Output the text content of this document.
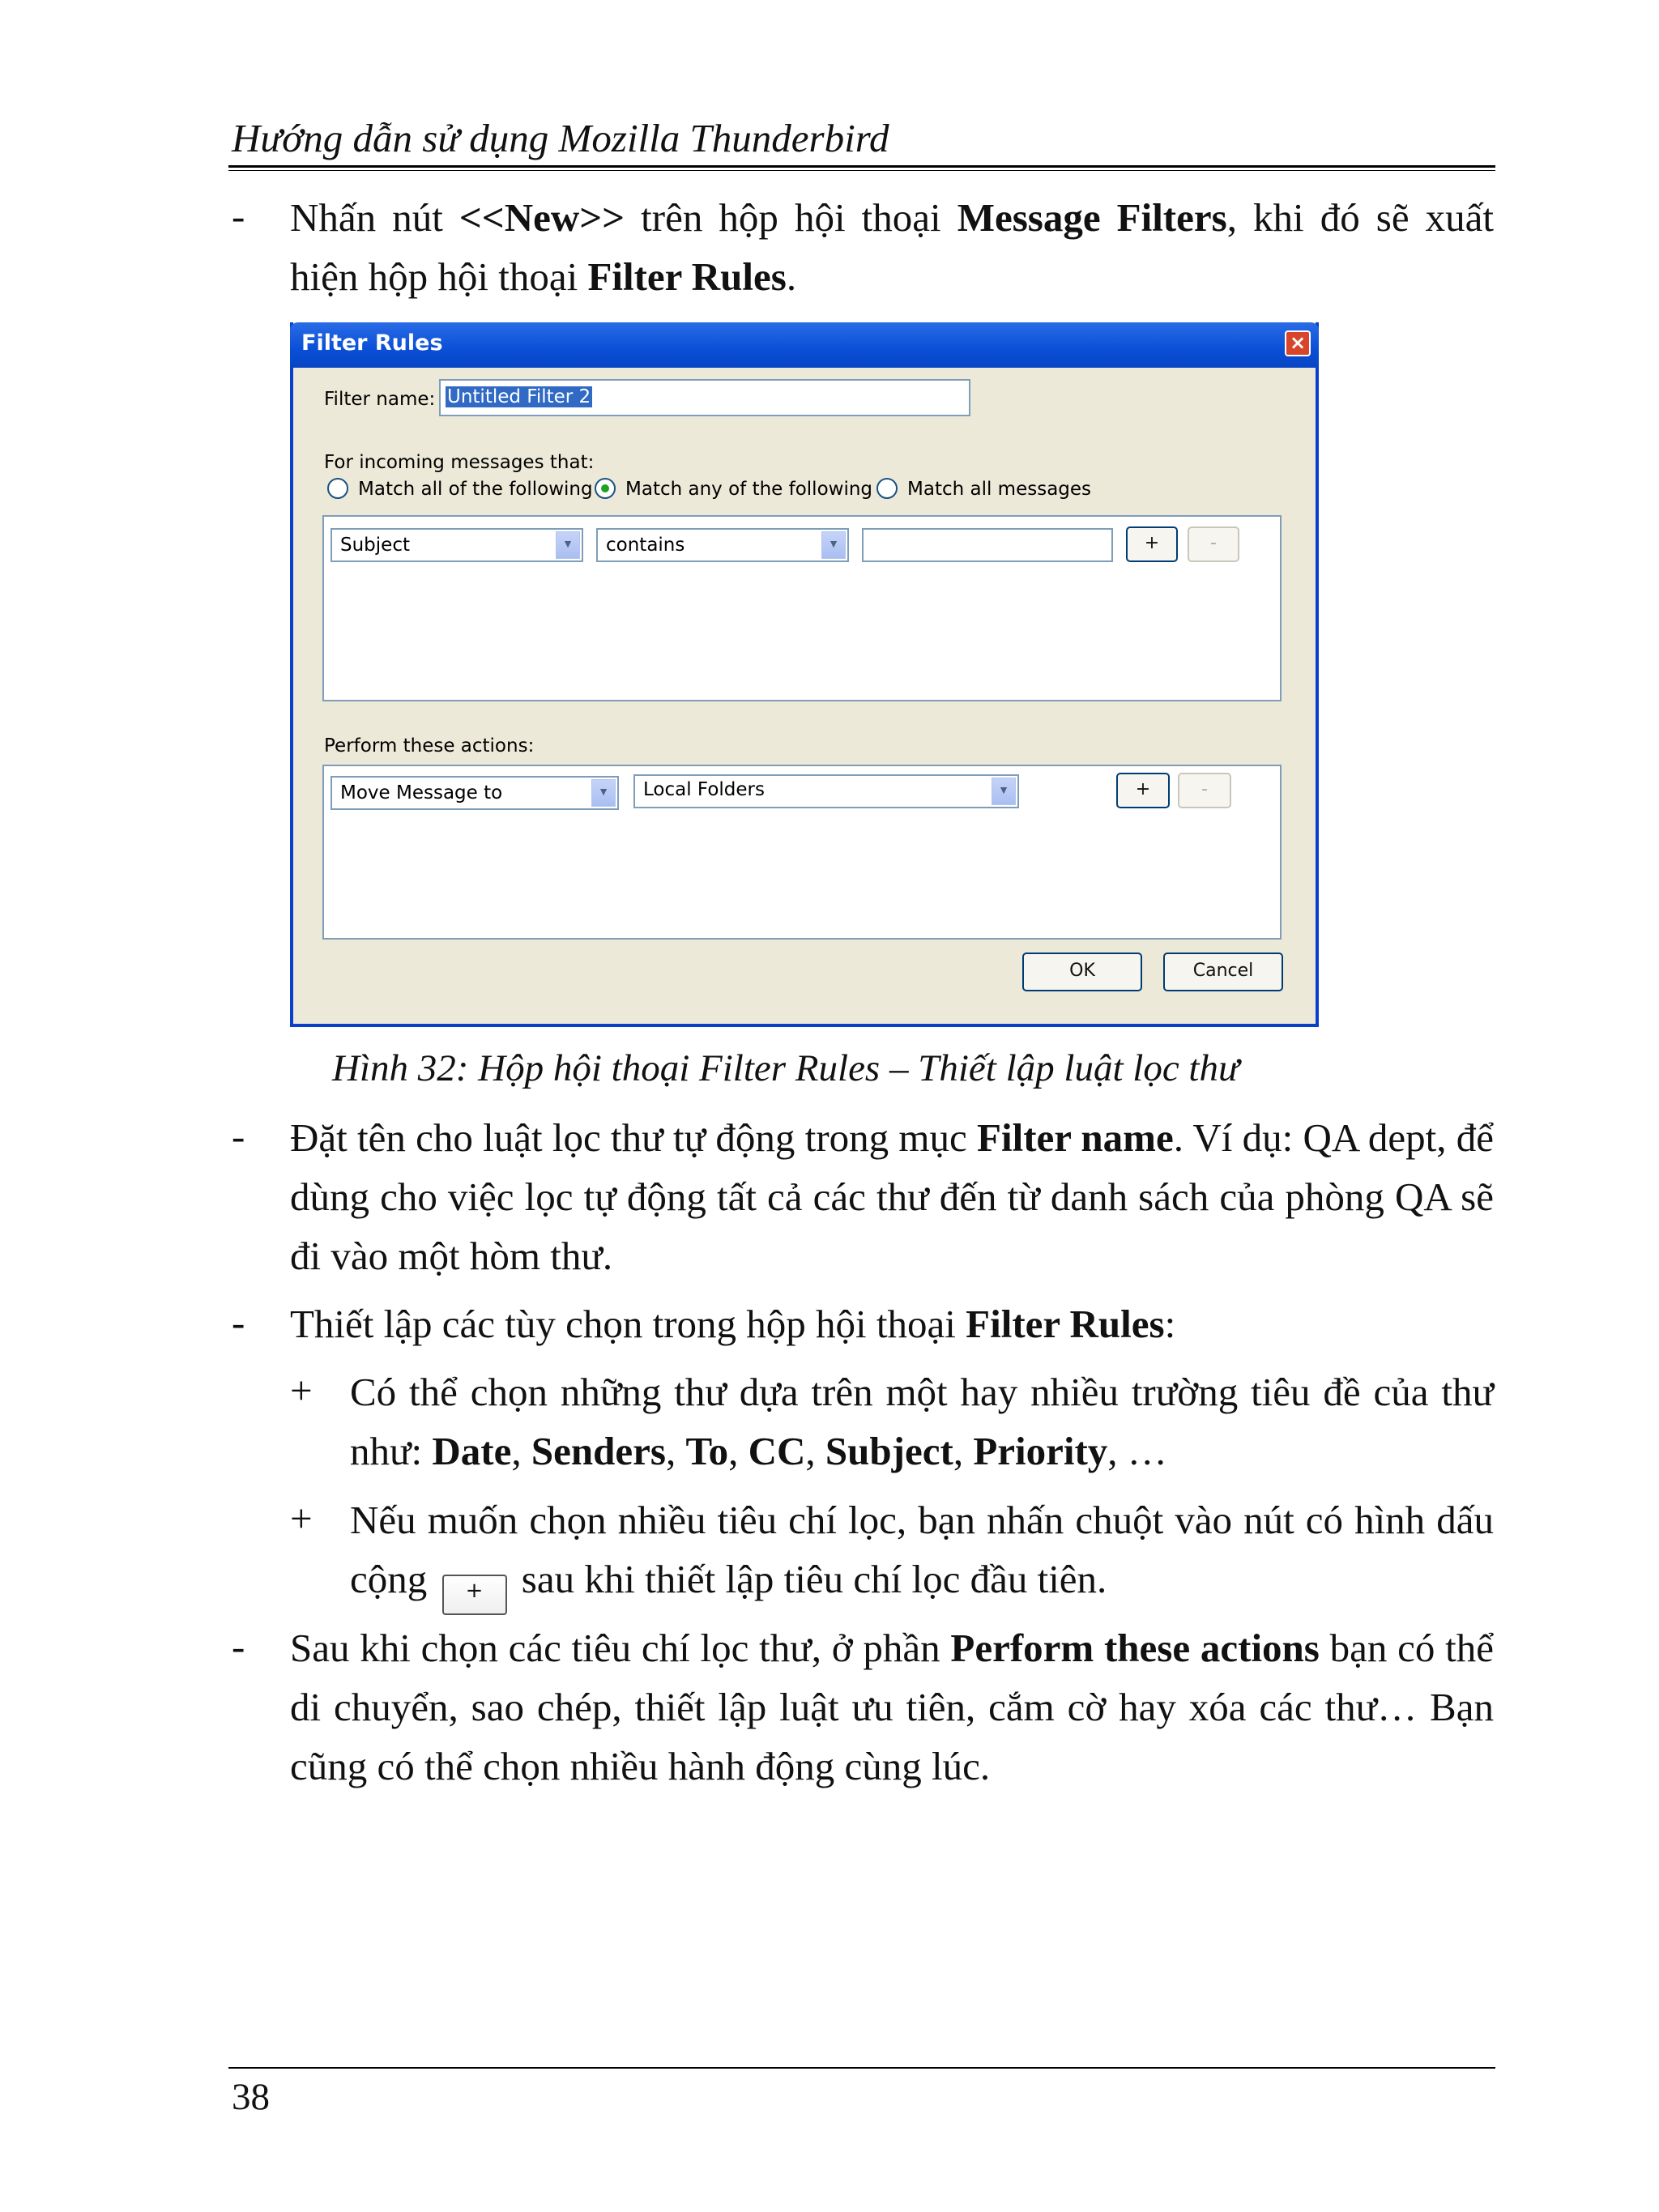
Hướng dẫn sử dụng Mozilla Thunderbird
- Nhấn nút <<New>> trên hộp hội thoại Message Filters, khi đó sẽ xuất hiện hộp hội thoại Filter Rules.
Filter Rules	×
Filter name: Untitled Filter 2
For incoming messages that:
Match all of the following Match any of the following Match all messages
Subject	▼	contains	▼	+	-
Perform these actions:
Move Message to	▼	Local Folders	▼	+	-
OK	Cancel
Hình 32: Hộp hội thoại Filter Rules – Thiết lập luật lọc thư
- Đặt tên cho luật lọc thư tự động trong mục Filter name. Ví dụ: QA dept, để dùng cho việc lọc tự động tất cả các thư đến từ danh sách của phòng QA sẽ đi vào một hòm thư.
- Thiết lập các tùy chọn trong hộp hội thoại Filter Rules:
+ Có thể chọn những thư dựa trên một hay nhiều trường tiêu đề của thư như: Date, Senders, To, CC, Subject, Priority, …
+ Nếu muốn chọn nhiều tiêu chí lọc, bạn nhấn chuột vào nút có hình dấu cộng + sau khi thiết lập tiêu chí lọc đầu tiên.
- Sau khi chọn các tiêu chí lọc thư, ở phần Perform these actions bạn có thể di chuyển, sao chép, thiết lập luật ưu tiên, cắm cờ hay xóa các thư… Bạn cũng có thể chọn nhiều hành động cùng lúc.
38
